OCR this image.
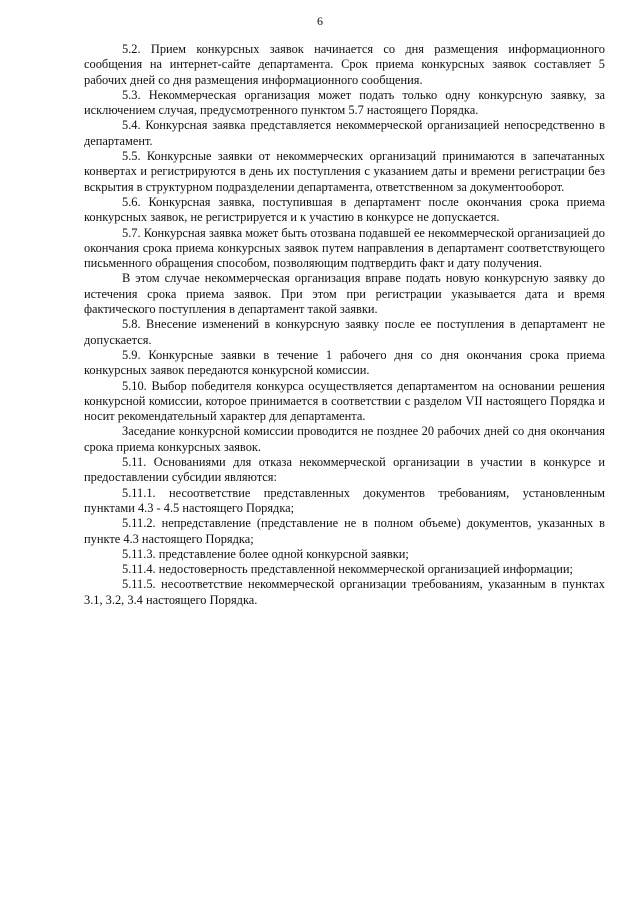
6

5.2. Прием конкурсных заявок начинается со дня размещения информационного сообщения на интернет-сайте департамента. Срок приема конкурсных заявок составляет 5 рабочих дней со дня размещения информационного сообщения.

5.3. Некоммерческая организация может подать только одну конкурсную заявку, за исключением случая, предусмотренного пунктом 5.7 настоящего Порядка.

5.4. Конкурсная заявка представляется некоммерческой организацией непосредственно в департамент.

5.5. Конкурсные заявки от некоммерческих организаций принимаются в запечатанных конвертах и регистрируются в день их поступления с указанием даты и времени регистрации без вскрытия в структурном подразделении департамента, ответственном за документооборот.

5.6. Конкурсная заявка, поступившая в департамент после окончания срока приема конкурсных заявок, не регистрируется и к участию в конкурсе не допускается.

5.7. Конкурсная заявка может быть отозвана подавшей ее некоммерческой организацией до окончания срока приема конкурсных заявок путем направления в департамент соответствующего письменного обращения способом, позволяющим подтвердить факт и дату получения.

В этом случае некоммерческая организация вправе подать новую конкурсную заявку до истечения срока приема заявок. При этом при регистрации указывается дата и время фактического поступления в департамент такой заявки.

5.8. Внесение изменений в конкурсную заявку после ее поступления в департамент не допускается.

5.9. Конкурсные заявки в течение 1 рабочего дня со дня окончания срока приема конкурсных заявок передаются конкурсной комиссии.

5.10. Выбор победителя конкурса осуществляется департаментом на основании решения конкурсной комиссии, которое принимается в соответствии с разделом VII настоящего Порядка и носит рекомендательный характер для департамента.

Заседание конкурсной комиссии проводится не позднее 20 рабочих дней со дня окончания срока приема конкурсных заявок.

5.11. Основаниями для отказа некоммерческой организации в участии в конкурсе и предоставлении субсидии являются:

5.11.1. несоответствие представленных документов требованиям, установленным пунктами 4.3 - 4.5 настоящего Порядка;

5.11.2. непредставление (представление не в полном объеме) документов, указанных в пункте 4.3 настоящего Порядка;

5.11.3. представление более одной конкурсной заявки;

5.11.4. недостоверность представленной некоммерческой организацией информации;

5.11.5. несоответствие некоммерческой организации требованиям, указанным в пунктах 3.1, 3.2, 3.4 настоящего Порядка.
